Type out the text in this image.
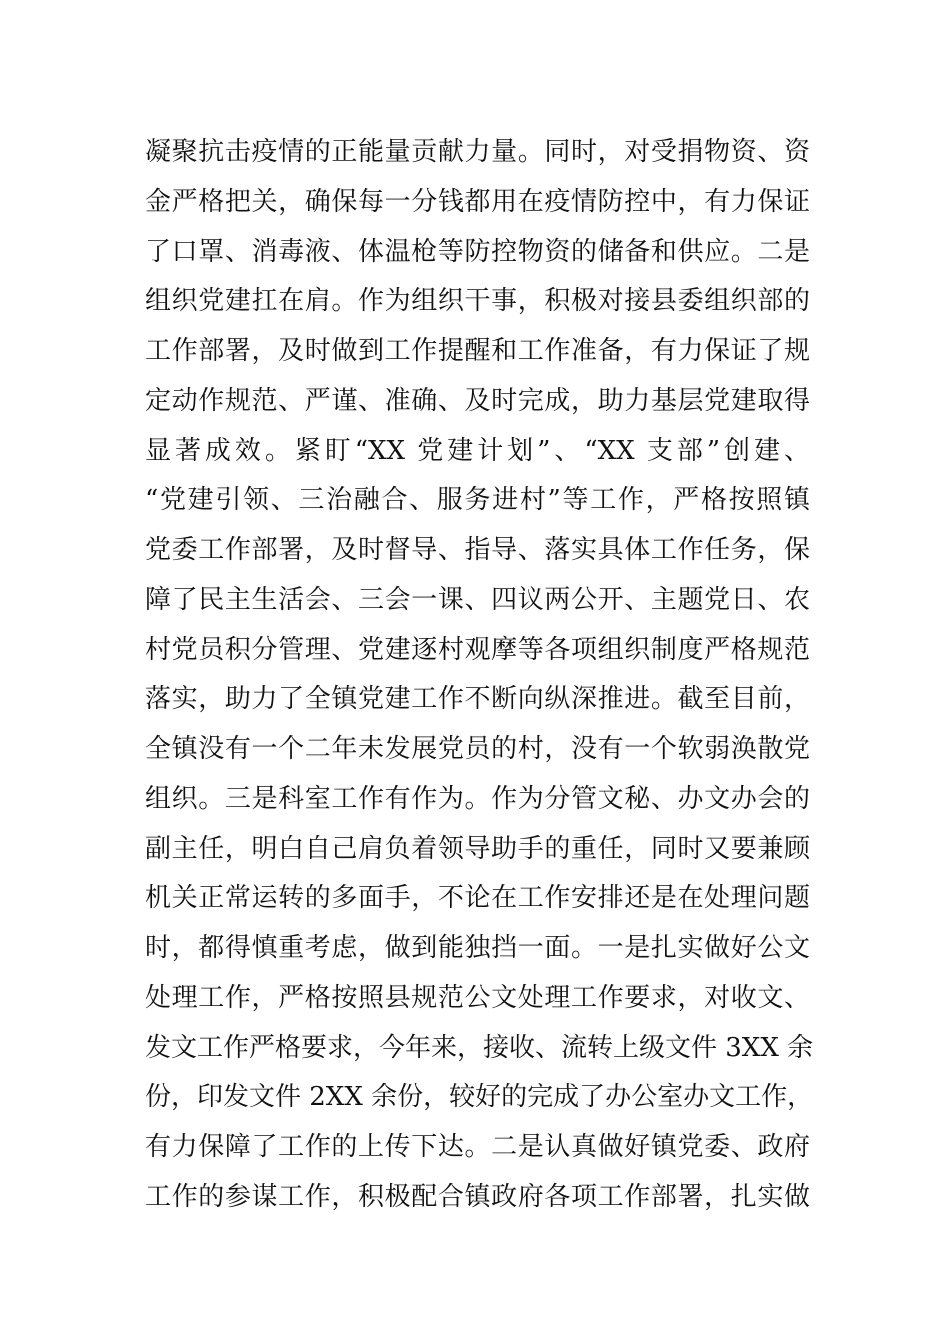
凝聚抗击疫情的正能量贡献力量。同时，对受捐物资、资
金严格把关，确保每一分钱都用在疫情防控中，有力保证
了口罩、消毒液、体温枪等防控物资的储备和供应。二是
组织党建扛在肩。作为组织干事，积极对接县委组织部的
工作部署，及时做到工作提醒和工作准备，有力保证了规
定动作规范、严谨、准确、及时完成，助力基层党建取得
显著成效。紧盯“XX 党建计划”、“XX 支部”创建、
“党建引领、三治融合、服务进村”等工作，严格按照镇
党委工作部署，及时督导、指导、落实具体工作任务，保
障了民主生活会、三会一课、四议两公开、主题党日、农
村党员积分管理、党建逐村观摩等各项组织制度严格规范
落实，助力了全镇党建工作不断向纵深推进。截至目前，
全镇没有一个二年未发展党员的村，没有一个软弱涣散党
组织。三是科室工作有作为。作为分管文秘、办文办会的
副主任，明白自己肩负着领导助手的重任，同时又要兼顾
机关正常运转的多面手，不论在工作安排还是在处理问题
时，都得慎重考虑，做到能独挡一面。一是扎实做好公文
处理工作，严格按照县规范公文处理工作要求，对收文、
发文工作严格要求，今年来，接收、流转上级文件 3XX 余
份，印发文件 2XX 余份，较好的完成了办公室办文工作，
有力保障了工作的上传下达。二是认真做好镇党委、政府
工作的参谋工作，积极配合镇政府各项工作部署，扎实做
